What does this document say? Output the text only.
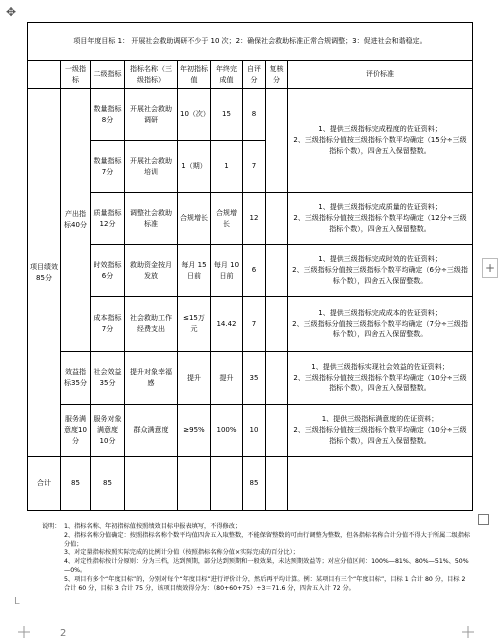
✥
项目年度目标 1： 开展社会救助调研不少于 10 次；2：确保社会救助标准正常合规调整；3：促进社会和谐稳定。								
	一级指标	二级指标	指标名称（三级指标）	年初指标值	年终完成值	自评分	复核分	评价标准
项目绩效85分	产出指标40分	数量指标8分	开展社会救助调研	10（次）	15	8		1、提供三级指标完成程度的佐证资料；
2、三级指标分值按三级指标个数平均确定（15分÷三级指标个数），四舍五入保留整数。

		数量指标7分	开展社会救助培训	1（期）	1	7		
		质量指标12分	调整社会救助标准	合规增长	合规增长	12		1、提供三级指标完成质量的佐证资料；
2、三级指标分值按三级指标个数平均确定（12分÷三级指标个数），四舍五入保留整数。

		时效指标6分	救助资金按月发放	每月 15日前	每月 10日前	6		1、提供三级指标完成时效的佐证资料；
2、三级指标分值按三级指标个数平均确定（6分÷三级指标个数），四舍五入保留整数。

		成本指标7分	社会救助工作经费支出	≤15万元	14.42	7		1、提供三级指标完成成本的佐证资料；
2、三级指标分值按三级指标个数平均确定（7分÷三级指标个数），四舍五入保留整数。

	效益指标35分	社会效益35分	提升对象幸福感	提升	提升	35		1、提供三级指标实现社会效益的佐证资料；
2、三级指标分值按三级指标个数平均确定（10分÷三级指标个数），四舍五入保留整数。

	服务满意度10分	服务对象满意度10分	群众满意度	≥95%	100%	10		1、提供三级指标满意度的佐证资料；
2、三级指标分值按三级指标个数平均确定（10分÷三级指标个数），四舍五入保留整数。

合计	85	85				85		
说明： 1、指标名称、年初指标值按照绩效目标申报表填写，不得修改；

2、指标名称分值确定：按照指标名称个数平均值四舍五入取整数，不能保留整数的可由行调整为整数，但各指标名称合计分值不得大于所属二级指标分值；

3、对定量指标按照实际完成的比例计分值（按照指标名称分值×实际完成的百分比）；

4、对定性指标按计分原则：分为三档，达到预期，部分达到预期和一般效果，未达预期效益等；对应分值区间：100%—81%、80%—51%、50%—0%。

5、项目有多个“年度目标”的，分别对每个“年度目标”进行评价计分，然后再平均计算。例：某项目有三个“年度目标”，目标 1 合计 80 分，目标 2 合计 60 分，目标 3 合计 75 分，该项目绩效得分为：（80+60+75）÷3＝71.6 分，四舍五入计 72 分。

+
L
2
